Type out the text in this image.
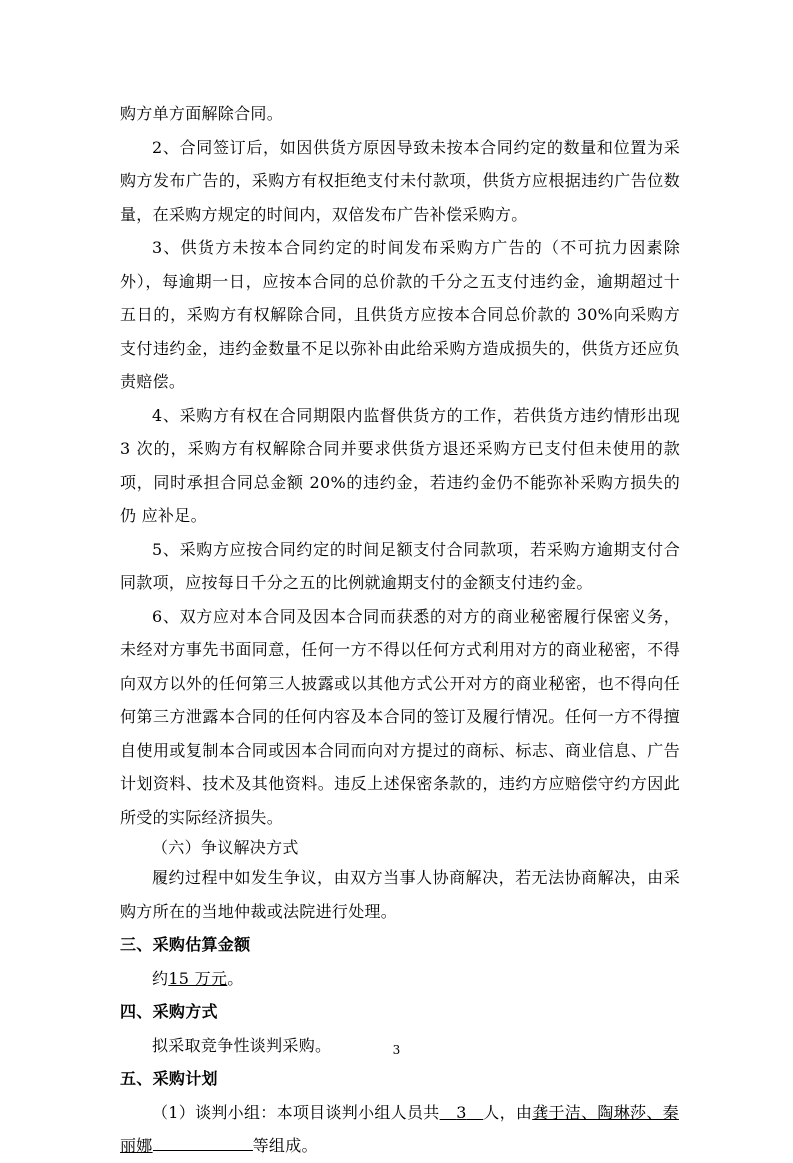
购方单方面解除合同。

2、合同签订后，如因供货方原因导致未按本合同约定的数量和位置为采购方发布广告的，采购方有权拒绝支付未付款项，供货方应根据违约广告位数量，在采购方规定的时间内，双倍发布广告补偿采购方。

3、供货方未按本合同约定的时间发布采购方广告的（不可抗力因素除外），每逾期一日，应按本合同的总价款的千分之五支付违约金，逾期超过十五日的，采购方有权解除合同，且供货方应按本合同总价款的 30%向采购方支付违约金，违约金数量不足以弥补由此给采购方造成损失的，供货方还应负责赔偿。

4、采购方有权在合同期限内监督供货方的工作，若供货方违约情形出现 3 次的，采购方有权解除合同并要求供货方退还采购方已支付但未使用的款项，同时承担合同总金额 20%的违约金，若违约金仍不能弥补采购方损失的仍 应补足。

5、采购方应按合同约定的时间足额支付合同款项，若采购方逾期支付合同款项，应按每日千分之五的比例就逾期支付的金额支付违约金。

6、双方应对本合同及因本合同而获悉的对方的商业秘密履行保密义务，未经对方事先书面同意，任何一方不得以任何方式利用对方的商业秘密，不得向双方以外的任何第三人披露或以其他方式公开对方的商业秘密，也不得向任何第三方泄露本合同的任何内容及本合同的签订及履行情况。任何一方不得擅自使用或复制本合同或因本合同而向对方提过的商标、标志、商业信息、广告计划资料、技术及其他资料。违反上述保密条款的，违约方应赔偿守约方因此所受的实际经济损失。

（六）争议解决方式

履约过程中如发生争议，由双方当事人协商解决，若无法协商解决，由采购方所在的当地仲裁或法院进行处理。

三、采购估算金额

约15 万元。

四、采购方式

拟采取竞争性谈判采购。

五、采购计划

（1）谈判小组：本项目谈判小组人员共   3   人，由龚于洁、陶琳莎、秦

丽娜	等组成。

3
